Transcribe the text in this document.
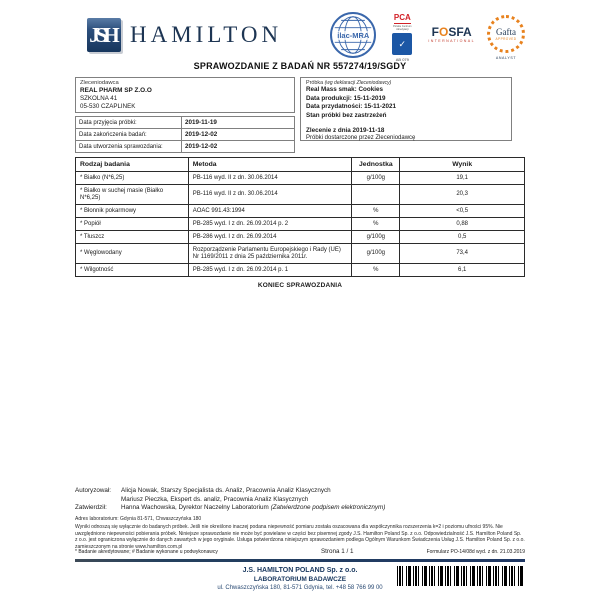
JSH HAMILTON	ilac-MRA
PCA
Polskie Centrum Akredytacji
✓
AB 079
FOSFA
INTERNATIONAL
Gafta
APPROVED
ANALYST
SPRAWOZDANIE Z BADAŃ NR 557274/19/SGDY
Zleceniodawca
REAL PHARM SP Z.O.O
SZKOLNA 41
05-530 CZAPLINEK
Data przyjęcia próbki:	2019-11-19
Data zakończenia badań:	2019-12-02
Data utworzenia sprawozdania:	2019-12-02
Próbka (wg deklaracji Zleceniodawcy)
Real Mass smak: Cookies
Data produkcji: 15-11-2019
Data przydatności: 15-11-2021
Stan próbki bez zastrzeżeń
Zlecenie z dnia 2019-11-18
Próbki dostarczone przez Zleceniodawcę
Rodzaj badania	Metoda	Jednostka	Wynik
* Białko (N*6,25)	PB-116 wyd. II z dn. 30.06.2014	g/100g	19,1
* Białko w suchej masie (Białko N*6,25)	PB-116 wyd. II z dn. 30.06.2014		20,3
* Błonnik pokarmowy	AOAC 991.43:1994	%	<0,5
* Popiół	PB-285 wyd. I z dn. 26.09.2014 p. 2	%	0,88
* Tłuszcz	PB-286 wyd. I z dn. 26.09.2014	g/100g	0,5
* Węglowodany	Rozporządzenie Parlamentu Europejskiego i Rady (UE) Nr 1169/2011 z dnia 25 października 2011r.	g/100g	73,4
* Wilgotność	PB-285 wyd. I z dn. 26.09.2014 p. 1	%	6,1
KONIEC SPRAWOZDANIA
Autoryzował:	Alicja Nowak, Starszy Specjalista ds. Analiz, Pracownia Analiz Klasycznych
Mariusz Pieczka, Ekspert ds. analiz, Pracownia Analiz Klasycznych
Zatwierdził:	Hanna Wachowska, Dyrektor Naczelny Laboratorium (Zatwierdzone podpisem elektronicznym)
Adres laboratorium: Gdynia 81-571, Chwaszczyńska 180
Wyniki odnoszą się wyłącznie do badanych próbek. Jeśli nie określono inaczej podana niepewność pomiaru została oszacowana dla współczynnika rozszerzenia k=2 i poziomu ufności 95%. Nie uwzględniono niepewności pobierania próbek. Niniejsze sprawozdanie nie może być powielane w części bez pisemnej zgody J.S. Hamilton Poland Sp. z o.o. Odpowiedzialność J.S. Hamilton Poland Sp. z o.o. jest ograniczona wyłącznie do danych zawartych w jego oryginale. Usługa potwierdzona niniejszym sprawozdaniem podlega Ogólnym Warunkom Świadczenia Usług J.S. Hamilton Poland Sp. z o.o. zamieszczonym na stronie www.hamilton.com.pl
* Badanie akredytowane; # Badanie wykonane u podwykonawcy	Strona 1 / 1	Formularz PO-14/08d wyd. z dn. 21.03.2019
J.S. HAMILTON POLAND Sp. z o.o.
LABORATORIUM BADAWCZE
ul. Chwaszczyńska 180, 81-571 Gdynia, tel. +48 58 766 99 00
